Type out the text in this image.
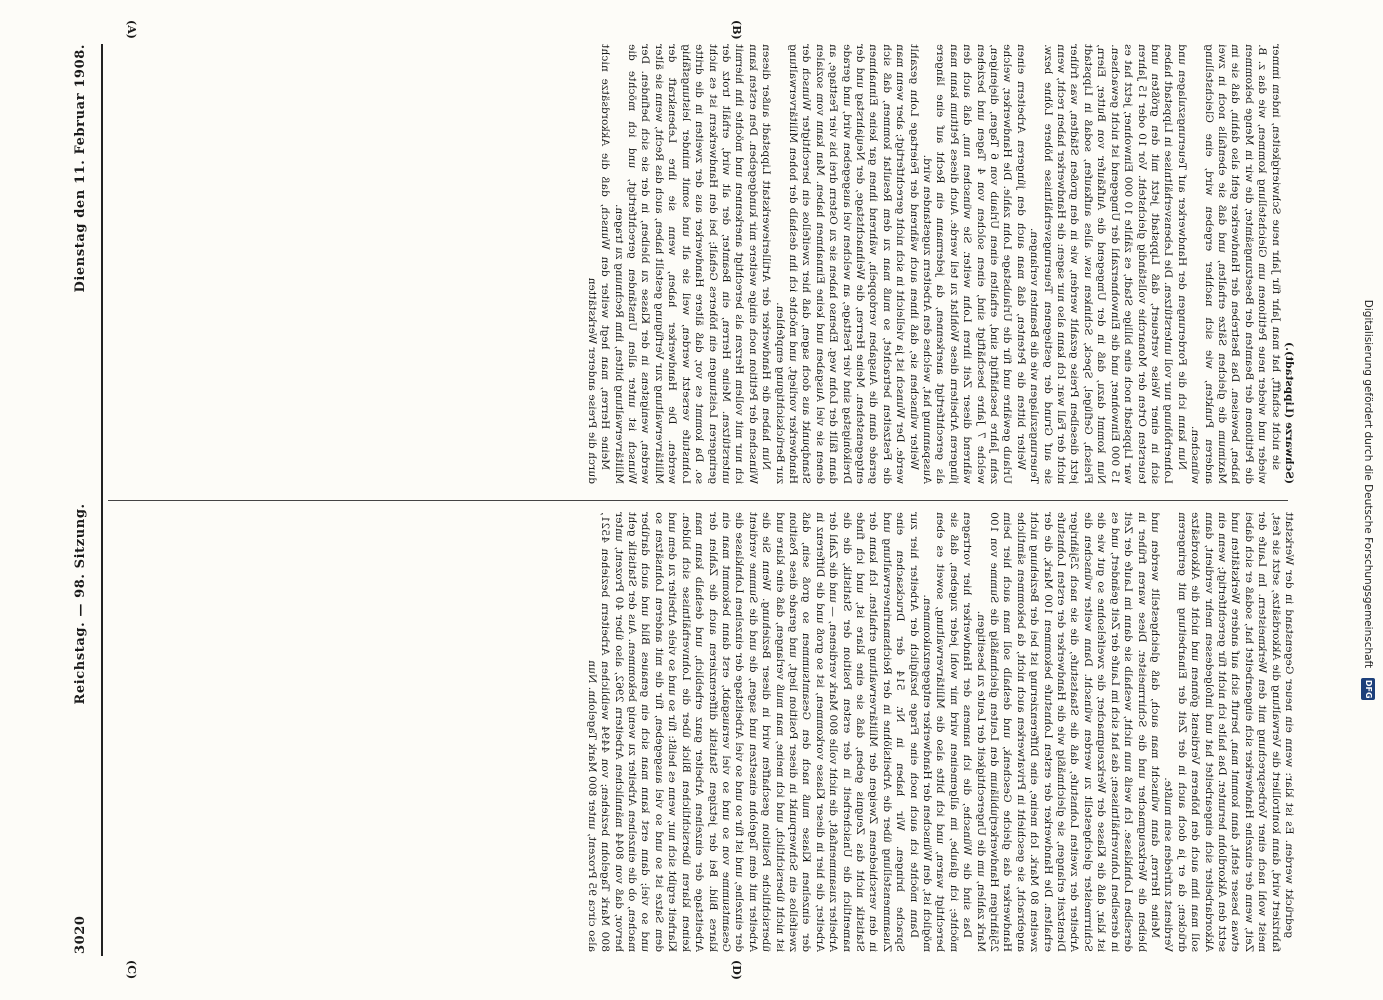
Digitalisierung gefördert durch die Deutsche Forschungsgemeinschaft
DFG
(Schwarze (Lippstadt).)

sie nicht schafft, hat man Jahr für Jahr neue Schwierigkeiten, indem immer wieder und wieder neue Petitionen um Gleichstellung kommen, wie das z. B. die Petitionen der Beamten der Besetzungsämter, die wir in Menge bekommen haben, beweisen. Das Bestreben der Handwerker geht also dahin, daß sie im Maximum die gleichen Sätze erhalten, und daß sie ebenfalls noch in zwei anderen Punkten, wie sich nachher ergeben wird, eine Gleichstellung wünschen.

Nun kann ich die Forderungen der Handwerker auf Teuerungszulagen und Lohnerhöhung nur voll unterstützen. Die Lebensverhältnisse in Lippstadt haben sich in einer Weise verteuert, daß Lippstadt jetzt mit den größten und teuersten Orten der Monarchie vollständig gleichsteht. Vor 10 oder 15 Jahren war Lippstadt noch eine billige Stadt, es zählte 10 000 Einwohner, jetzt hat es 15 000 Einwohner, und die Einwohnerzahl der Umgegend ist nicht gewachsen. Nun kommt dazu, daß in der Umgegend die Aufkäufer von Butter, Eiern, Fleisch, Geflügel, Speck, Schinken usw. alles aufkaufen, sodaß in Lippstadt jetzt dieselben Preise gezahlt werden, wie in den großen Städten, was früher nicht der Fall war. Ich kann also nur sagen: die Handwerker haben recht, wenn sie auf Grund der gestiegenen Teuerungsverhältnisse höhere Löhne bezw. Teuerungszulagen wie die Beamten verlangen.

Weiter bitten die Petenten, daß man auch den jüngeren Arbeitern einen Urlaub gewähre und für die Urlaubstage Lohn zahle. Die Handwerker, welche zehn Jahre beschäftigt sind, erhalten einen Urlaub von 6 Tagen, diejenigen, welche 7 Jahre beschäftigt sind, einen solchen von 4 Tagen und beziehen während dieser Zeit ihren Lohn weiter. Sie wünschen nun, daß auch den jüngeren Arbeitern diese Wohltat zu teil werde. Auch dieses Petitum kann man als gerechtfertigt anerkennen, da jedermann ein Recht auf eine längere Ausspannung hat, welches den Arbeitern zugestanden wird.

Weiter wünschen sie, daß ihnen auch während der Feiertage Lohn gezahlt werde. Der Wunsch ist ja vielleicht in sich nicht gerechtfertigt; aber wenn man die Festzeiten betrachtet, so muß man zu dem Resultat kommen, daß sich gerade dann die Ausgaben verdoppeln, während ihnen gar keine Einnahmen entgegenstehen. Meine Herren, die Weihnachtstage, der Neujahrstag und der Dreikönigstag sind vier Festtage, an welchen viel ausgegeben wird, und gerade dann fällt der Lohn weg. Ebenso haben sie zu Ostern drei bis vier Festtage, an denen sie viel Ausgaben und keine Einnahmen haben. Man kann vom sozialen Standpunkt aus doch sagen, daß hier zweifellos ein berechtigter Wunsch der Handwerker vorliegt, und möchte ich ihn deshalb der hohen Militärverwaltung zur Berücksichtigung empfehlen.

Nun haben die Handwerker der Artilleriewerkstatt Lippstadt außer diesen Wünschen der Petition noch einige weitere mir kundgegeben. Den ersten kann ich nur mit vollem Herzen als berechtigt anerkennen und möchte ihn hiermit unterstützen. Meine Herren, ein Beamter, der alt wird, erhält trotz der geringeren Leistungen ein höheres Gehalt; bei den Handwerkern ist es nicht so. Da kommt es vor, daß ältere Handwerker aus der zweiten in die dritte Lohnstufe versetzt werden, weil sie alt und somit minder leistungsfähig werden. Die Handwerker haben, wenn sie ihre Lebenskraft der Militärverwaltung zur Verfügung gestellt haben, auch das Recht, wenn sie älter werden, wenigstens in der Klasse zu bleiben, in der sie sich befinden. Der Wunsch ist unter allen Umständen gerechtfertigt, und ich möchte die Militärverwaltung bitten, ihm Rechnung zu tragen.

Meine Herren, man hegt weiter den Wunsch, daß die Akkordsätze nicht durch die Preise anderer Werkstätten

gedrückt werden. Es ist klar: wenn ein neuer Gegenstand in der Werkstatt fabriziert wird, dann kontrolliert die Verwaltung die Akkordsätze, setzt sie fest, meist wohl nach einer Vorbesprechung mit den Werkmeistern. Im Laufe der Zeit, wenn der einzelne Handwerker sich eingearbeitet hat, sodaß er sich dabei etwas besser steht, dann kommt man, beruft sich auf andere Werkstätten und setzt den Akkordlohn herunter. Das halte ich nicht für gerechtfertigt; wenn ein Akkordarbeiter sich eingearbeitet hat und infolgedessen mehr verdient, dann soll man ihm auch den höheren Verdienst gönnen und nicht die Akkordsätze drücken; da er ja doch auch in der Zeit der Einarbeitung mit geringerem Verdienst zufrieden sein mußte.

Meine Herren, dann wünscht man auch, daß gleichgestellt werden und bleiben die Werkzeugmacher und die Schirrmeister. Diese waren früher in derselben Lohnklasse. Ich weiß nun nicht, weshalb sie dann im Laufe der Zeit in derselben Lohnverhältnissen; das hat sich im Laufe der Zeit geändert, und es ist klar, daß die Klasse der Werkzeugmacher, die zweifelsohne so gut wie die Schirrmeister gleichgestellt zu werden wünscht. Dann weiter wünschen die Arbeiter der zweiten Lohnstufe, daß die Staatsstufe, die sie nach 25jähriger Dienstzeit erlangen, sie gleichmäßig wie die Handwerker der ersten Lohnstufe erhalten. Die Handwerker der ersten Lohnstufe bekommen 100 Mark, die der zweiten 80 Mark. Ich meine, eine Differenzierung ist bei der Beziehung nicht angebracht, sie geschieht in Privatwerken auch nicht, da bekommen sämtliche Handwerker das gleiche Geschenk, und deshalb soll man auch hier beim 25jährigen Handwerkerjubiläum den Leuten gleichmäßig die Summe von 100 Mark zahlen, um die Ungerechtigkeit der Leute zu beseitigen.

Das sind die Wünsche, die ich namens der Handwerker hier vortragen möchte; ich glaube, im allgemeinen wird mir wohl jeder zugeben, daß sie berechtigt waren, und ich bitte also die Militärverwaltung, soweit es eben möglich ist, den Wünschen der Handwerker entgegenzukommen.

Dann möchte ich auch noch eine Frage bezüglich der Arbeiter hier zur Sprache bringen. Wir haben in Nr. 514 der Drucksachen eine Zusammenstellung über die Arbeitslöhne in der Reichsmarineverwaltung und in den verschiedenen Zweigen der Militärverwaltung erhalten. Ich kann der Statistik nicht das Zeugnis geben, daß sie eine klare ist, und ich finde namentlich die Unsicherheit in der ersten Position der Statistik, die die Arbeiter zusammenfaßt, die nicht volle 800 Mark verdienen, — und die Zahl der Arbeiter, die hier in dieser Klasse vorkommen, ist so groß und die Differenz in der einzelnen Klasse muß nach den Gesamtsummen so groß sein, daß zweifellos ein Schwerpunkt in dieser Position liegt, und gerade diese Position ist nicht übersichtlich, und ich meine, man muß verlangen, daß eine klare und übersichtliche Position geschaffen wird in dieser Beziehung. Wenn Sie die Arbeiter mit dem Tagelohn einsetzen und sagen, die und die Summe verdient der einzelne, und ist für so und so viel Arbeitstage der einzelnen Lohnklasse die Gesamtsumme von so und so viel verausgabt, erst dann bekommt man ein klares Bild. Bei der jetzigen Statistik differenzieren auch die Zahlen der Arbeitstage der einzelnen Arbeiter ganz erheblich, und deshalb kann man keinen klaren übersichtlichen Blick über die Lohnverhältnisse sich bilden. Klarheit ergibt sich nur, wenn es heißt: für so und so viele Arbeiter zu dem und dem Satze ist so und so viel ausgegeben, für die mit anderen Lohnsätzen so und so viel; dann erst kann man sich ein genaues Bild und auch darüber machen, ob die einzelnen Arbeiter zu wenig bekommen. Aus der Statistik geht hervor, daß von 8044 männlichen Arbeitern 2962, also über 40 Prozent, unter 800 Mark Tagelohn beziehen; von 4494 weiblichen Arbeitern beziehen 4521, also circa 95 Prozent, unter 800 Mark Tagelohn. Nun

(A)	(B)
(C)	(D)
3020
Reichstag. — 98. Sitzung.
Dienstag den 11. Februar 1908.
